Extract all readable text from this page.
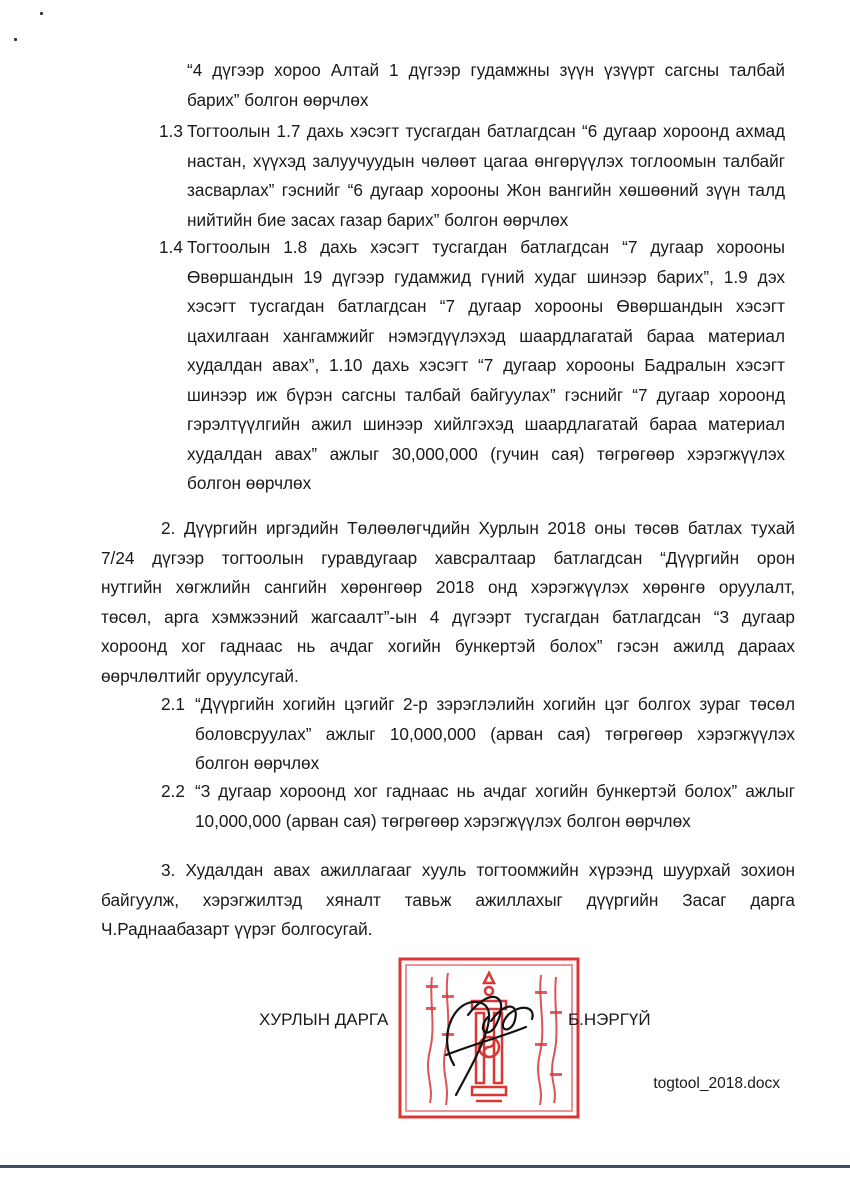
“4 дүгээр хороо Алтай 1 дүгээр гудамжны зүүн үзүүрт сагсны талбай
барих” болгон өөрчлөх
1.3 Тогтоолын 1.7 дахь хэсэгт тусгагдан батлагдсан “6 дугаар хороонд ахмад
настан, хүүхэд залуучуудын чөлөөт цагаа өнгөрүүлэх тоглоомын талбайг
засварлах” гэснийг “6 дугаар хорооны Жон вангийн хөшөөний зүүн талд
нийтийн бие засах газар барих” болгон өөрчлөх
1.4 Тогтоолын 1.8 дахь хэсэгт тусгагдан батлагдсан “7 дугаар хорооны
Өвөршандын 19 дүгээр гудамжид гүний худаг шинээр барих”, 1.9 дэх
хэсэгт тусгагдан батлагдсан “7 дугаар хорооны Өвөршандын хэсэгт
цахилгаан хангамжийг нэмэгдүүлэхэд шаардлагатай бараа материал
худалдан авах”, 1.10 дахь хэсэгт “7 дугаар хорооны Бадралын хэсэгт
шинээр иж бүрэн сагсны талбай байгуулах” гэснийг “7 дугаар хороонд
гэрэлтүүлгийн ажил шинээр хийлгэхэд шаардлагатай бараа материал
худалдан авах” ажлыг 30,000,000 (гучин сая) төгрөгөөр хэрэгжүүлэх
болгон өөрчлөх
2. Дүүргийн иргэдийн Төлөөлөгчдийн Хурлын 2018 оны төсөв батлах тухай
7/24 дүгээр тогтоолын гуравдугаар хавсралтаар батлагдсан “Дүүргийн орон
нутгийн хөгжлийн сангийн хөрөнгөөр 2018 онд хэрэгжүүлэх хөрөнгө оруулалт,
төсөл, арга хэмжээний жагсаалт”-ын 4 дүгээрт тусгагдан батлагдсан “3 дугаар
хороонд хог гаднаас нь ачдаг хогийн бункертэй болох” гэсэн ажилд дараах
өөрчлөлтийг оруулсугай.
2.1 “Дүүргийн хогийн цэгийг 2-р зэрэглэлийн хогийн цэг болгох зураг төсөл
боловсруулах” ажлыг 10,000,000 (арван сая) төгрөгөөр хэрэгжүүлэх
болгон өөрчлөх
2.2 “3 дугаар хороонд хог гаднаас нь ачдаг хогийн бункертэй болох” ажлыг
10,000,000 (арван сая) төгрөгөөр хэрэгжүүлэх болгон өөрчлөх
3. Худалдан авах ажиллагааг хууль тогтоомжийн хүрээнд шуурхай зохион
байгуулж, хэрэгжилтэд хяналт тавьж ажиллахыг дүүргийн Засаг дарга
Ч.Раднаабазарт үүрэг болгосугай.
ХУРЛЫН ДАРГА	Б.НЭРГҮЙ
togtool_2018.docx
